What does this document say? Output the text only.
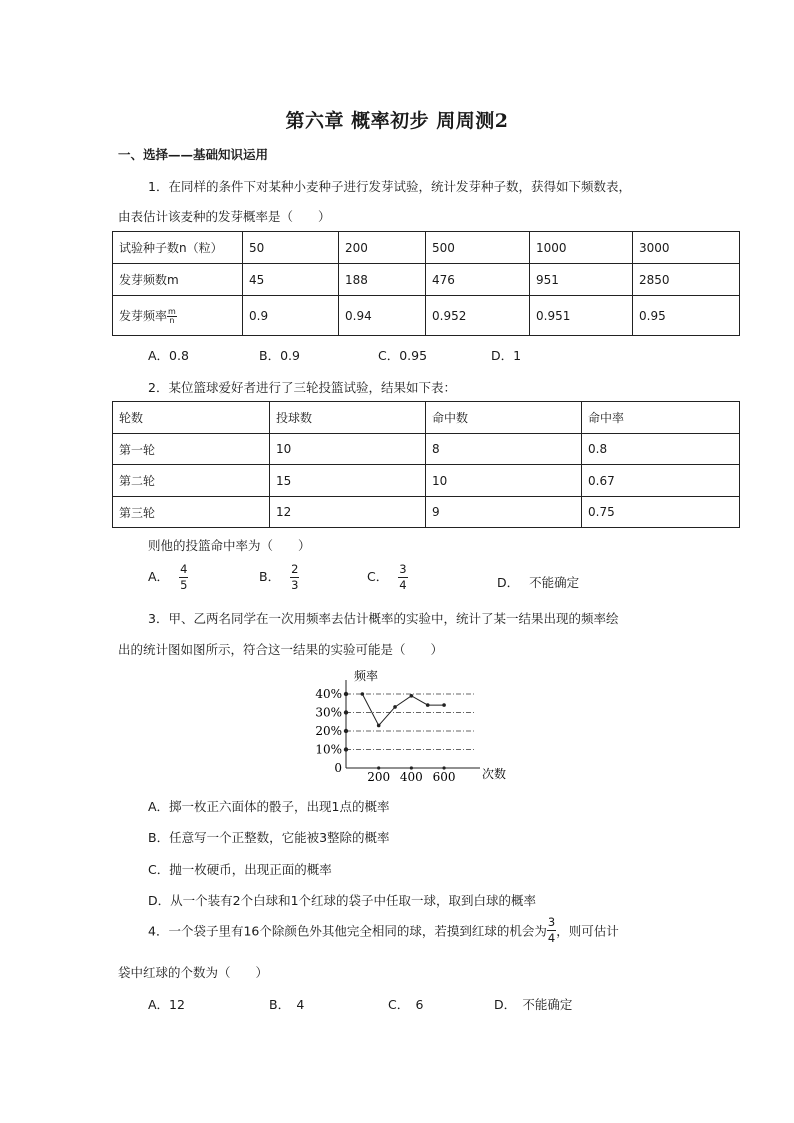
第六章 概率初步 周周测2
一、选择——基础知识运用
1．在同样的条件下对某种小麦种子进行发芽试验，统计发芽种子数，获得如下频数表，
由表估计该麦种的发芽概率是（　　）
试验种子数n（粒）	50	200	500	1000	3000
发芽频数m	45	188	476	951	2850
发芽频率 $\frac{m}{n}$	0.9	0.94	0.952	0.951	0.95
A．0.8	B．0.9	C．0.95	D．1
2．某位篮球爱好者进行了三轮投篮试验，结果如下表：
轮数	投球数	命中数	命中率
第一轮	10	8	0.8
第二轮	15	10	0.67
第三轮	12	9	0.75
则他的投篮命中率为（　　）
A． $\frac{4}{5}$	B． $\frac{2}{3}$	C． $\frac{3}{4}$	D． 不能确定
3．甲、乙两名同学在一次用频率去估计概率的实验中，统计了某一结果出现的频率绘
出的统计图如图所示，符合这一结果的实验可能是（　　）
0
10%
20%
30%
40%
200 400 600
频率
次数
A．掷一枚正六面体的骰子，出现1点的概率
B．任意写一个正整数，它能被3整除的概率
C．抛一枚硬币，出现正面的概率
D．从一个装有2个白球和1个红球的袋子中任取一球，取到白球的概率
4．一个袋子里有16个除颜色外其他完全相同的球，若摸到红球的机会为 $\frac{3}{4}$ ，则可估计
袋中红球的个数为（　　）
A．12	B．　4	C．　6	D．　不能确定
